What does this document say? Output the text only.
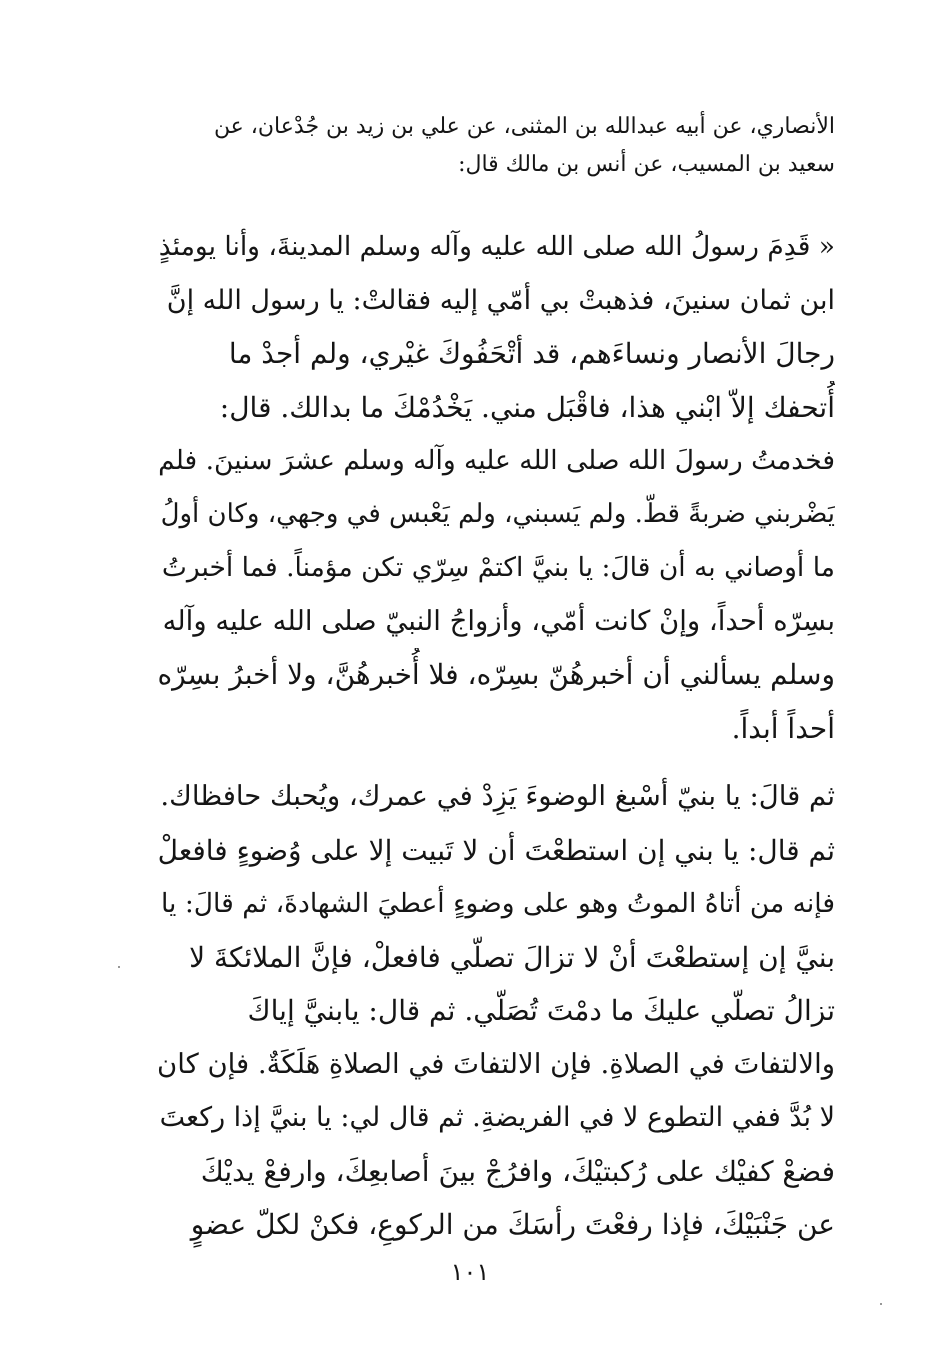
الأنصاري، عن أبيه عبدالله بن المثنى، عن علي بن زيد بن جُدْعان، عن
سعيد بن المسيب، عن أنس بن مالك قال:
« قَدِمَ رسولُ الله صلى الله عليه وآله وسلم المدينةَ، وأنا يومئذٍ
ابن ثمان سنينَ، فذهبتْ بي أمّي إليه فقالتْ: يا رسول الله إنَّ
رجالَ الأنصار ونساءَهم، قد أتْحَفُوكَ غيْري، ولم أجدْ ما
أُتحفك إلاّ ابْني هذا، فاقْبَل مني. يَخْدُمْكَ ما بدالك. قال:
فخدمتُ رسولَ الله صلى الله عليه وآله وسلم عشرَ سنينَ. فلم
يَضْربني ضربةً قطّ. ولم يَسبني، ولم يَعْبس في وجهي، وكان أولُ
ما أوصاني به أن قالَ: يا بنيَّ اكتمْ سِرّي تكن مؤمناً. فما أخبرتُ
بسِرّه أحداً، وإنْ كانت أمّي، وأزواجُ النبيّ صلى الله عليه وآله
وسلم يسألني أن أخبرهُنّ بسِرّه، فلا أُخبرهُنَّ، ولا أخبرُ بسِرّه
أحداً أبداً.
ثم قالَ: يا بنيّ أسْبغ الوضوءَ يَزِدْ في عمرك، ويُحبك حافظاك.
ثم قال: يا بني إن استطعْتَ أن لا تَبيت إلا على وُضوءٍ فافعلْ
فإنه من أتاهُ الموتُ وهو على وضوءٍ أعطيَ الشهادةَ، ثم قالَ: يا
بنيَّ إن إستطعْتَ أنْ لا تزالَ تصلّي فافعلْ، فإنَّ الملائكةَ لا
تزالُ تصلّي عليكَ ما دمْتَ تُصَلّي. ثم قال: يابنيَّ إياكَ
والالتفاتَ في الصلاةِ. فإن الالتفاتَ في الصلاةِ هَلَكَةٌ. فإن كان
لا بُدَّ ففي التطوع لا في الفريضةِ. ثم قال لي: يا بنيَّ إذا ركعتَ
فضعْ كفيْك على رُكبتيْكَ، وافرُجْ بينَ أصابعِكَ، وارفعْ يديْكَ
عن جَنْبَيْكَ، فإذا رفعْتَ رأسَكَ من الركوعِ، فكنْ لكلّ عضوٍ
١٠١
